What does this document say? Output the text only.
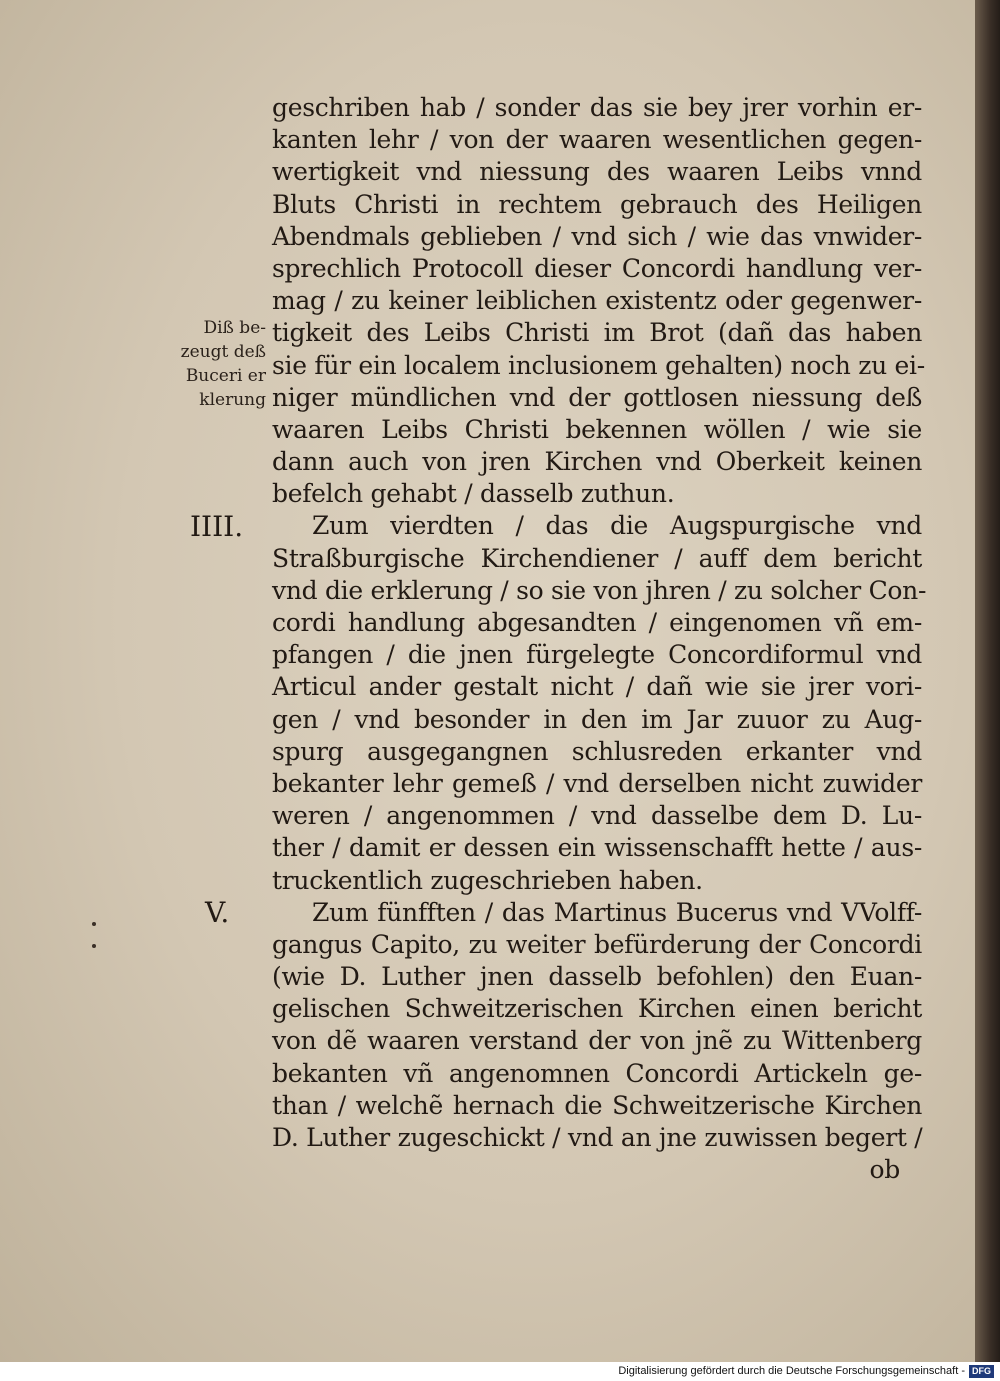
Diß be-
zeugt deß
Buceri er
klerung
IIII.
V.
geschriben hab / sonder das sie bey jrer vorhin er-
kanten lehr / von der waaren wesentlichen gegen-
wertigkeit vnd niessung des waaren Leibs vnnd
Bluts Christi in rechtem gebrauch des Heiligen
Abendmals geblieben / vnd sich / wie das vnwider-
sprechlich Protocoll dieser Concordi handlung ver-
mag / zu keiner leiblichen existentz oder gegenwer-
tigkeit des Leibs Christi im Brot (dañ das haben
sie für ein localem inclusionem gehalten) noch zu ei-
niger mündlichen vnd der gottlosen niessung deß
waaren Leibs Christi bekennen wöllen / wie sie
dann auch von jren Kirchen vnd Oberkeit keinen
befelch gehabt / dasselb zuthun.
Zum vierdten / das die Augspurgische vnd
Straßburgische Kirchendiener / auff dem bericht
vnd die erklerung / so sie von jhren / zu solcher Con-
cordi handlung abgesandten / eingenomen vñ em-
pfangen / die jnen fürgelegte Concordiformul vnd
Articul ander gestalt nicht / dañ wie sie jrer vori-
gen / vnd besonder in den im Jar zuuor zu Aug-
spurg ausgegangnen schlusreden erkanter vnd
bekanter lehr gemeß / vnd derselben nicht zuwider
weren / angenommen / vnd dasselbe dem D. Lu-
ther / damit er dessen ein wissenschafft hette / aus-
truckentlich zugeschrieben haben.
Zum fünfften / das Martinus Bucerus vnd VVolff-
gangus Capito, zu weiter befürderung der Concordi
(wie D. Luther jnen dasselb befohlen) den Euan-
gelischen Schweitzerischen Kirchen einen bericht
von dẽ waaren verstand der von jnẽ zu Wittenberg
bekanten vñ angenomnen Concordi Artickeln ge-
than / welchẽ hernach die Schweitzerische Kirchen
D. Luther zugeschickt / vnd an jne zuwissen begert /
ob
Digitalisierung gefördert durch die Deutsche Forschungsgemeinschaft - DFG
